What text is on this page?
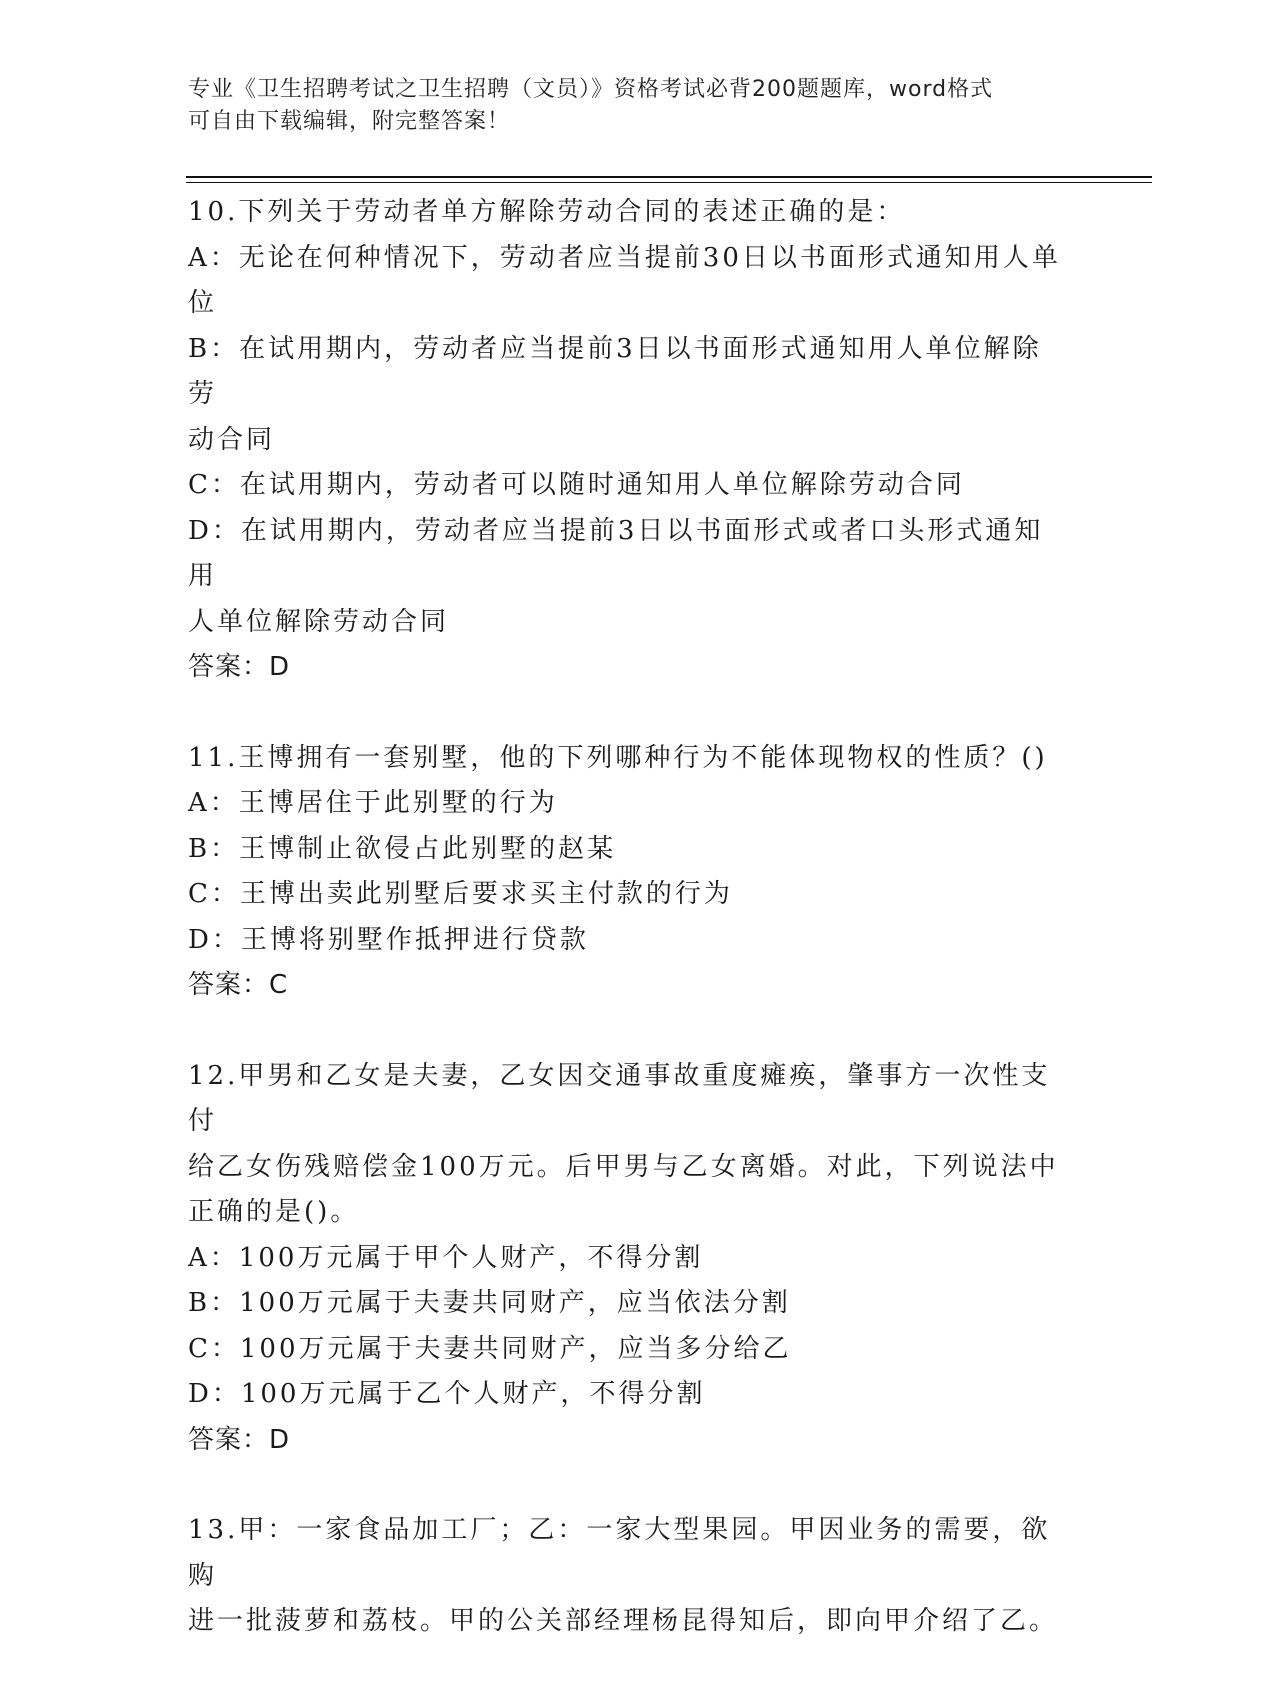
专业《卫生招聘考试之卫生招聘（文员）》资格考试必背200题题库，word格式
可自由下载编辑，附完整答案！
10.下列关于劳动者单方解除劳动合同的表述正确的是：
A：无论在何种情况下，劳动者应当提前30日以书面形式通知用人单
位
B：在试用期内，劳动者应当提前3日以书面形式通知用人单位解除劳
动合同
C：在试用期内，劳动者可以随时通知用人单位解除劳动合同
D：在试用期内，劳动者应当提前3日以书面形式或者口头形式通知用
人单位解除劳动合同
答案：D
11.王博拥有一套别墅，他的下列哪种行为不能体现物权的性质？()
A：王博居住于此别墅的行为
B：王博制止欲侵占此别墅的赵某
C：王博出卖此别墅后要求买主付款的行为
D：王博将别墅作抵押进行贷款
答案：C
12.甲男和乙女是夫妻，乙女因交通事故重度瘫痪，肇事方一次性支付
给乙女伤残赔偿金100万元。后甲男与乙女离婚。对此，下列说法中
正确的是()。
A：100万元属于甲个人财产，不得分割
B：100万元属于夫妻共同财产，应当依法分割
C：100万元属于夫妻共同财产，应当多分给乙
D：100万元属于乙个人财产，不得分割
答案：D
13.甲：一家食品加工厂；乙：一家大型果园。甲因业务的需要，欲购
进一批菠萝和荔枝。甲的公关部经理杨昆得知后，即向甲介绍了乙。
